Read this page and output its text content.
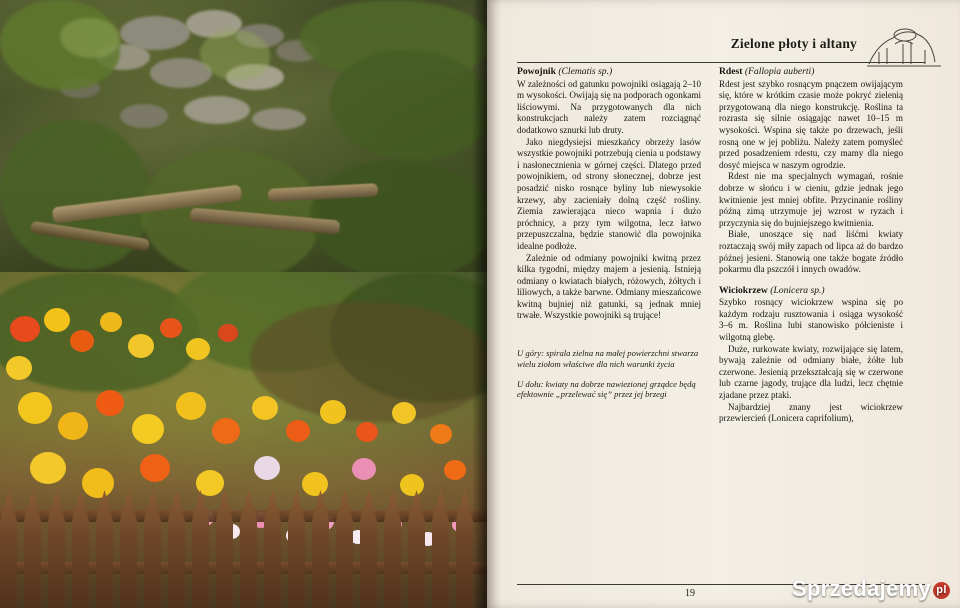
Zielone płoty i altany
Powojnik (Clematis sp.)

W zależności od gatunku powojniki osiągają 2–10 m wysokości. Owijają się na podporach ogonkami liściowymi. Na przygotowanych dla nich konstrukcjach należy zatem rozciągnąć dodatkowo sznurki lub druty.

Jako niegdysiejsi mieszkańcy obrzeży lasów wszystkie powojniki potrzebują cienia u podstawy i nasłonecznienia w górnej części. Dlatego przed powojnikiem, od strony słonecznej, dobrze jest posadzić nisko rosnące byliny lub niewysokie krzewy, aby zacieniały dolną część rośliny. Ziemia zawierająca nieco wapnia i dużo próchnicy, a przy tym wilgotna, lecz łatwo przepuszczalna, będzie stanowić dla powojnika idealne podłoże.

Zależnie od odmiany powojniki kwitną przez kilka tygodni, między majem a jesienią. Istnieją odmiany o kwiatach białych, różowych, żółtych i liliowych, a także barwne. Odmiany mieszańcowe kwitną bujniej niż gatunki, są jednak mniej trwałe. Wszystkie powojniki są trujące!

U góry: spirala zielna na małej powierzchni stwarza wielu ziołom właściwe dla nich warunki życia

U dołu: kwiaty na dobrze nawiezionej grządce będą efektownie „przelewać się” przez jej brzegi

Rdest (Fallopia auberti)

Rdest jest szybko rosnącym pnączem owijającym się, które w krótkim czasie może pokryć zielenią przygotowaną dla niego konstrukcję. Roślina ta rozrasta się silnie osiągając nawet 10–15 m wysokości. Wspina się także po drzewach, jeśli rosną one w jej pobliżu. Należy zatem pomyśleć przed posadzeniem rdestu, czy mamy dla niego dosyć miejsca w naszym ogrodzie.

Rdest nie ma specjalnych wymagań, rośnie dobrze w słońcu i w cieniu, gdzie jednak jego kwitnienie jest mniej obfite. Przycinanie rośliny późną zimą utrzymuje jej wzrost w ryzach i przyczynia się do bujniejszego kwitnienia.

Białe, unoszące się nad liśćmi kwiaty roztaczają swój miły zapach od lipca aż do bardzo późnej jesieni. Stanowią one także bogate źródło pokarmu dla pszczół i innych owadów.

Wiciokrzew (Lonicera sp.)

Szybko rosnący wiciokrzew wspina się po każdym rodzaju rusztowania i osiąga wysokość 3–6 m. Roślina lubi stanowisko półcieniste i wilgotną glebę.

Duże, rurkowate kwiaty, rozwijające się latem, bywają zależnie od odmiany białe, żółte lub czerwone. Jesienią przekształcają się w czerwone lub czarne jagody, trujące dla ludzi, lecz chętnie zjadane przez ptaki.

Najbardziej znany jest wiciokrzew przewiercień (Lonicera caprifolium),

19	Sprzedajemy pl
